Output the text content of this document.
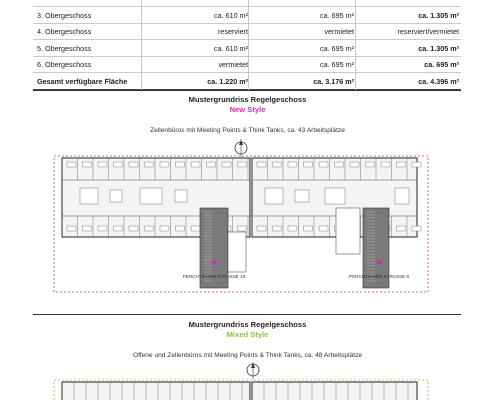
3. Obergeschoss	ca. 610 m²	ca. 695 m²	ca. 1.305 m²
4. Obergeschoss	reserviert	vermietet	reserviert/vermietet
5. Obergeschoss	ca. 610 m²	ca. 695 m²	ca. 1.305 m²
6. Obergeschoss	vermietet	ca. 695 m²	ca. 695 m²
Gesamt verfügbare Fläche	ca. 1.220 m²	ca. 3.176 m²	ca. 4.396 m²
Mustergrundriss Regelgeschoss
New Style
Zellenbüros mit Meeting Points & Think Tanks, ca. 43 Arbeitsplätze
PERCHTINGER STRASSE 10	PERCHTINGER STRASSE 8
Mustergrundriss Regelgeschoss
Mixed Style
Offene und Zellenbüros mit Meeting Points & Think Tanks, ca. 48 Arbeitsplätze
